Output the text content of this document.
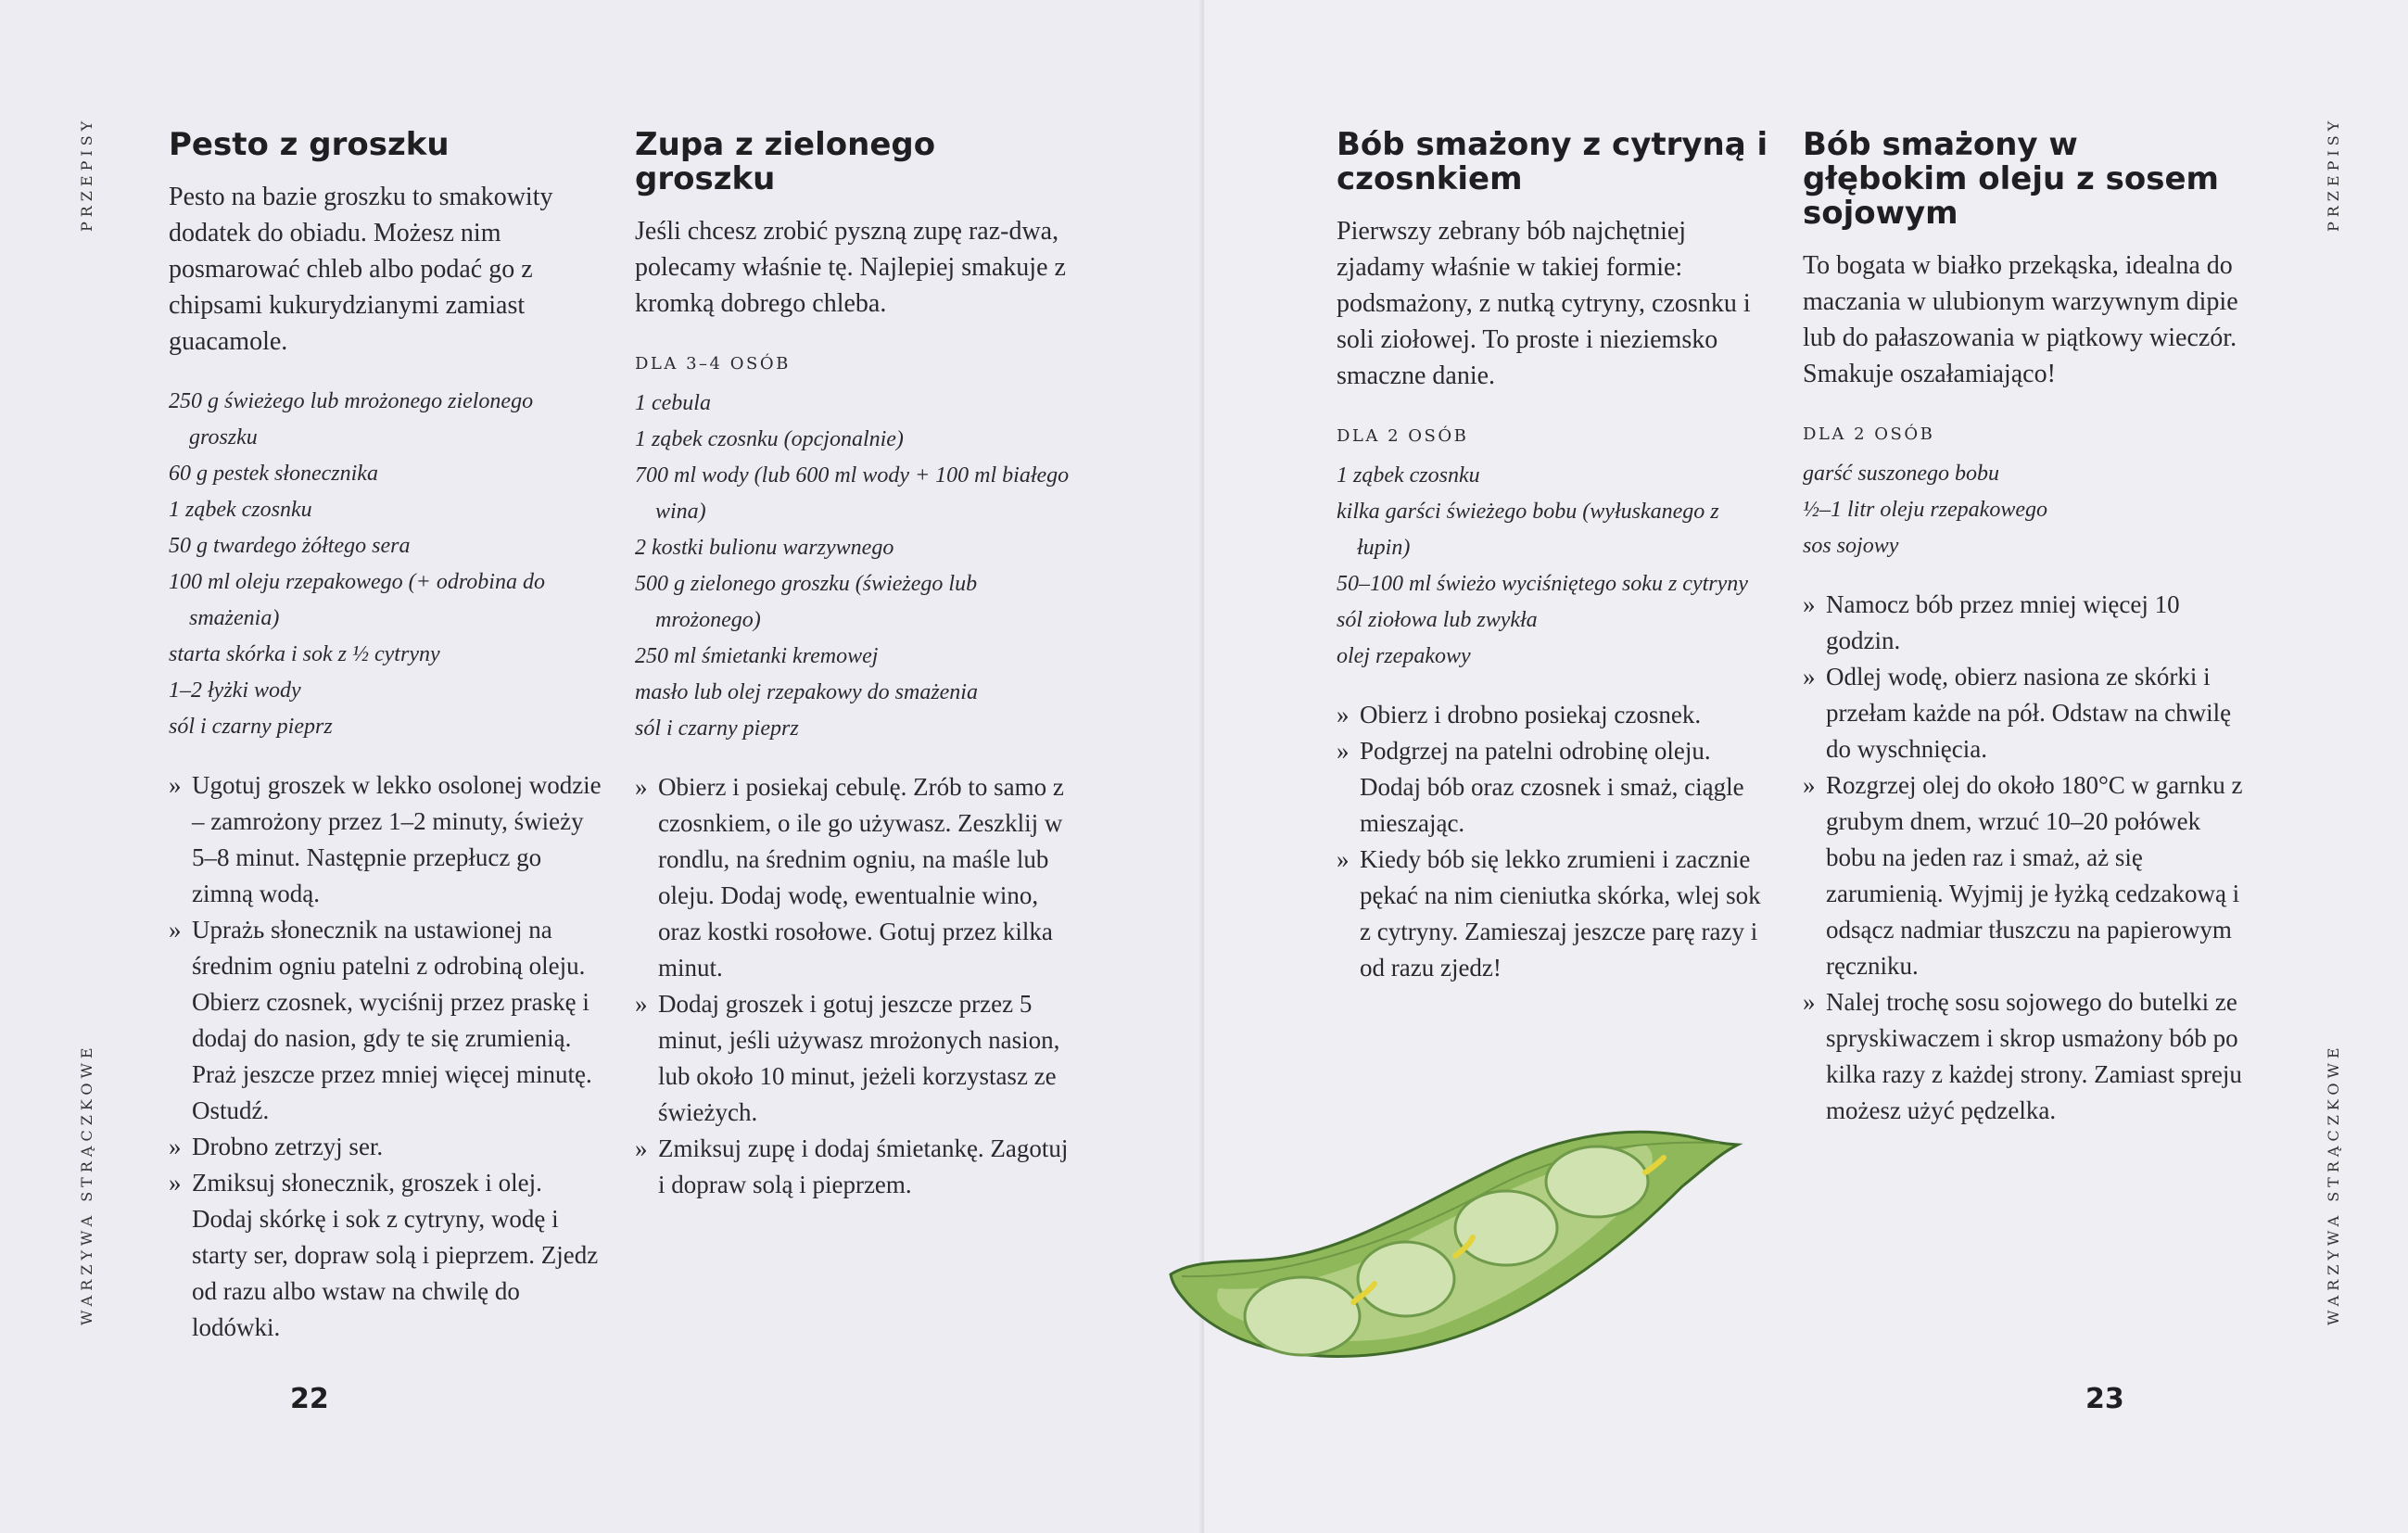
PRZEPISY
WARZYWA STRĄCZKOWE
Pesto z groszku

Pesto na bazie groszku to smakowity dodatek do obiadu. Możesz nim posmarować chleb albo podać go z chipsami kukurydzianymi zamiast guacamole.

250 g świeżego lub mrożonego zielonego groszku
60 g pestek słonecznika
1 ząbek czosnku
50 g twardego żółtego sera
100 ml oleju rzepakowego (+ odrobina do smażenia)
starta skórka i sok z ½ cytryny
1–2 łyżki wody
sól i czarny pieprz
» Ugotuj groszek w lekko osolonej wodzie – zamrożony przez 1–2 minuty, świeży 5–8 minut. Następnie przepłucz go zimną wodą.
» Uprażь słonecznik na ustawionej na średnim ogniu patelni z odrobiną oleju. Obierz czosnek, wyciśnij przez praskę i dodaj do nasion, gdy te się zrumienią. Praż jeszcze przez mniej więcej minutę. Ostudź.
» Drobno zetrzyj ser.
» Zmiksuj słonecznik, groszek i olej. Dodaj skórkę i sok z cytryny, wodę i starty ser, dopraw solą i pieprzem. Zjedz od razu albo wstaw na chwilę do lodówki.
Zupa z zielonego groszku

Jeśli chcesz zrobić pyszną zupę raz-dwa, polecamy właśnie tę. Najlepiej smakuje z kromką dobrego chleba.

DLA 3–4 OSÓB
1 cebula
1 ząbek czosnku (opcjonalnie)
700 ml wody (lub 600 ml wody + 100 ml białego wina)
2 kostki bulionu warzywnego
500 g zielonego groszku (świeżego lub mrożonego)
250 ml śmietanki kremowej
masło lub olej rzepakowy do smażenia
sól i czarny pieprz
» Obierz i posiekaj cebulę. Zrób to samo z czosnkiem, o ile go używasz. Zeszklij w rondlu, na średnim ogniu, na maśle lub oleju. Dodaj wodę, ewentualnie wino, oraz kostki rosołowe. Gotuj przez kilka minut.
» Dodaj groszek i gotuj jeszcze przez 5 minut, jeśli używasz mrożonych nasion, lub około 10 minut, jeżeli korzystasz ze świeżych.
» Zmiksuj zupę i dodaj śmietankę. Zagotuj i dopraw solą i pieprzem.
22
Bób smażony z cytryną i czosnkiem

Pierwszy zebrany bób najchętniej zjadamy właśnie w takiej formie: podsmażony, z nutką cytryny, czosnku i soli ziołowej. To proste i nieziemsko smaczne danie.

DLA 2 OSÓB
1 ząbek czosnku
kilka garści świeżego bobu (wyłuskanego z łupin)
50–100 ml świeżo wyciśniętego soku z cytryny
sól ziołowa lub zwykła
olej rzepakowy
» Obierz i drobno posiekaj czosnek.
» Podgrzej na patelni odrobinę oleju. Dodaj bób oraz czosnek i smaż, ciągle mieszając.
» Kiedy bób się lekko zrumieni i zacznie pękać na nim cieniutka skórka, wlej sok z cytryny. Zamieszaj jeszcze parę razy i od razu zjedz!
Bób smażony w głębokim oleju z sosem sojowym

To bogata w białko przekąska, idealna do maczania w ulubionym warzywnym dipie lub do pałaszowania w piątkowy wieczór. Smakuje oszałamiająco!

DLA 2 OSÓB
garść suszonego bobu
½–1 litr oleju rzepakowego
sos sojowy
» Namocz bób przez mniej więcej 10 godzin.
» Odlej wodę, obierz nasiona ze skórki i przełam każde na pół. Odstaw na chwilę do wyschnięcia.
» Rozgrzej olej do około 180°C w garnku z grubym dnem, wrzuć 10–20 połówek bobu na jeden raz i smaż, aż się zarumienią. Wyjmij je łyżką cedzakową i odsącz nadmiar tłuszczu na papierowym ręczniku.
» Nalej trochę sosu sojowego do butelki ze spryskiwaczem i skrop usmażony bób po kilka razy z każdej strony. Zamiast spreju możesz użyć pędzelka.
PRZEPISY
WARZYWA STRĄCZKOWE
23
